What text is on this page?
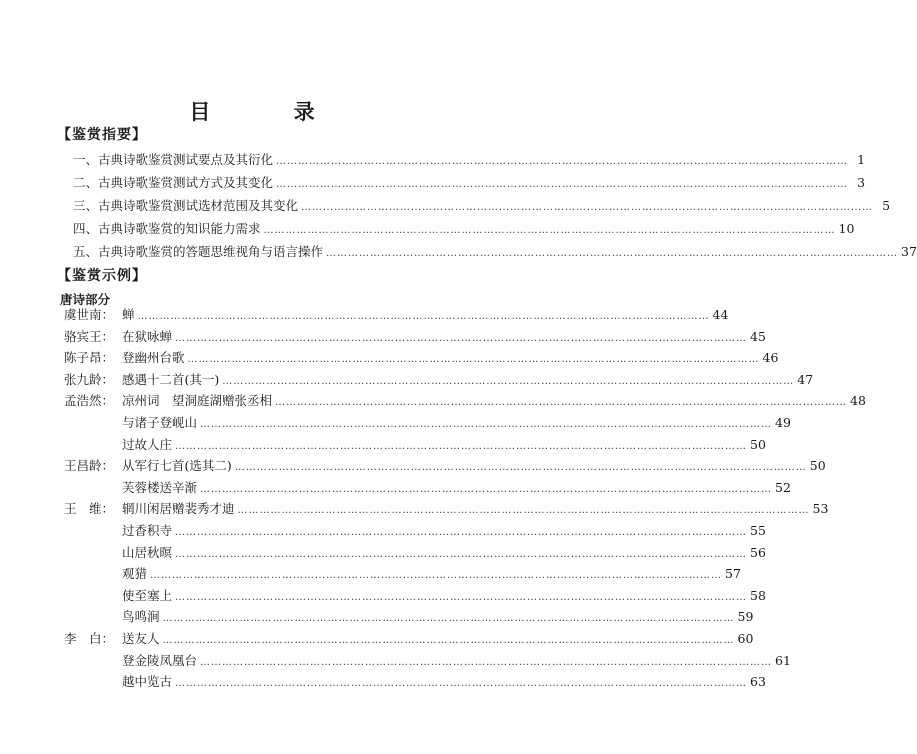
目 录
【鉴赏指要】
一、古典诗歌鉴赏测试要点及其衍化 ………………………………………………………………………………………………………………………………………… 1
二、古典诗歌鉴赏测试方式及其变化 ………………………………………………………………………………………………………………………………………… 3
三、古典诗歌鉴赏测试选材范围及其变化 ………………………………………………………………………………………………………………………………………… 5
四、古典诗歌鉴赏的知识能力需求 ………………………………………………………………………………………………………………………………………… 10
五、古典诗歌鉴赏的答题思维视角与语言操作 ………………………………………………………………………………………………………………………………………… 37
【鉴赏示例】
唐诗部分
虞世南： 蝉 ………………………………………………………………………………………………………………………………………… 44
骆宾王： 在狱咏蝉 ………………………………………………………………………………………………………………………………………… 45
陈子昂： 登幽州台歌 ………………………………………………………………………………………………………………………………………… 46
张九龄： 感遇十二首(其一) ………………………………………………………………………………………………………………………………………… 47
孟浩然： 凉州词　望洞庭湖赠张丞相 ………………………………………………………………………………………………………………………………………… 48
与诸子登岘山 ………………………………………………………………………………………………………………………………………… 49
过故人庄 ………………………………………………………………………………………………………………………………………… 50
王昌龄： 从军行七首(选其二) ………………………………………………………………………………………………………………………………………… 50
芙蓉楼送辛渐 ………………………………………………………………………………………………………………………………………… 52
王　维： 辋川闲居赠裴秀才迪 ………………………………………………………………………………………………………………………………………… 53
过香积寺 ………………………………………………………………………………………………………………………………………… 55
山居秋暝 ………………………………………………………………………………………………………………………………………… 56
观猎 ………………………………………………………………………………………………………………………………………… 57
使至塞上 ………………………………………………………………………………………………………………………………………… 58
鸟鸣涧 ………………………………………………………………………………………………………………………………………… 59
李　白： 送友人 ………………………………………………………………………………………………………………………………………… 60
登金陵凤凰台 ………………………………………………………………………………………………………………………………………… 61
越中览古 ………………………………………………………………………………………………………………………………………… 63
